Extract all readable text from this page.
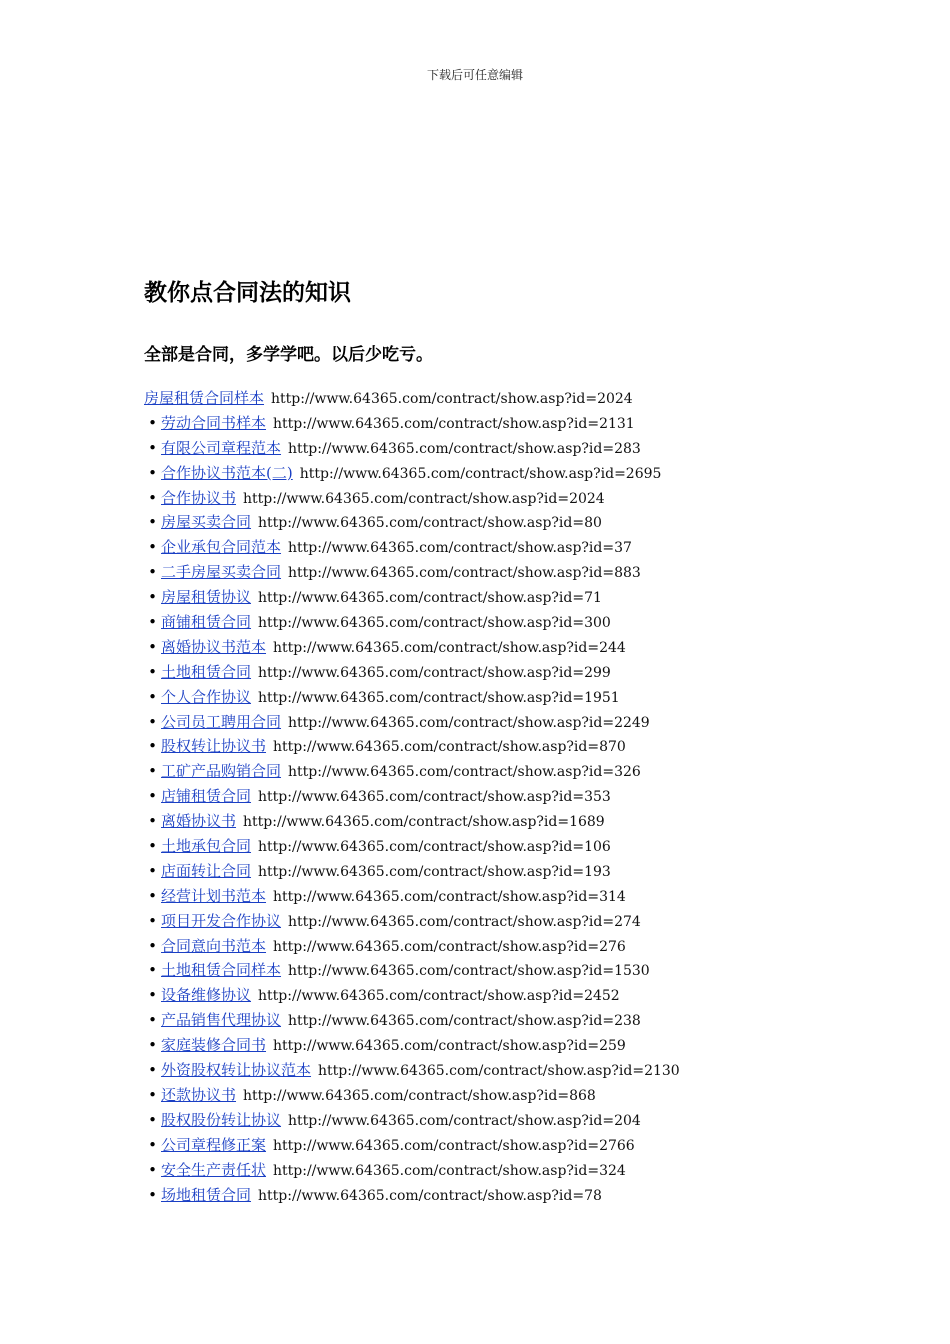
下载后可任意编辑
教你点合同法的知识
全部是合同，多学学吧。以后少吃亏。
房屋租赁合同样本 http://www.64365.com/contract/show.asp?id=2024
• 劳动合同书样本 http://www.64365.com/contract/show.asp?id=2131
• 有限公司章程范本 http://www.64365.com/contract/show.asp?id=283
• 合作协议书范本(二) http://www.64365.com/contract/show.asp?id=2695
• 合作协议书 http://www.64365.com/contract/show.asp?id=2024
• 房屋买卖合同 http://www.64365.com/contract/show.asp?id=80
• 企业承包合同范本 http://www.64365.com/contract/show.asp?id=37
• 二手房屋买卖合同 http://www.64365.com/contract/show.asp?id=883
• 房屋租赁协议 http://www.64365.com/contract/show.asp?id=71
• 商铺租赁合同 http://www.64365.com/contract/show.asp?id=300
• 离婚协议书范本 http://www.64365.com/contract/show.asp?id=244
• 土地租赁合同 http://www.64365.com/contract/show.asp?id=299
• 个人合作协议 http://www.64365.com/contract/show.asp?id=1951
• 公司员工聘用合同 http://www.64365.com/contract/show.asp?id=2249
• 股权转让协议书 http://www.64365.com/contract/show.asp?id=870
• 工矿产品购销合同 http://www.64365.com/contract/show.asp?id=326
• 店铺租赁合同 http://www.64365.com/contract/show.asp?id=353
• 离婚协议书 http://www.64365.com/contract/show.asp?id=1689
• 土地承包合同 http://www.64365.com/contract/show.asp?id=106
• 店面转让合同 http://www.64365.com/contract/show.asp?id=193
• 经营计划书范本 http://www.64365.com/contract/show.asp?id=314
• 项目开发合作协议 http://www.64365.com/contract/show.asp?id=274
• 合同意向书范本 http://www.64365.com/contract/show.asp?id=276
• 土地租赁合同样本 http://www.64365.com/contract/show.asp?id=1530
• 设备维修协议 http://www.64365.com/contract/show.asp?id=2452
• 产品销售代理协议 http://www.64365.com/contract/show.asp?id=238
• 家庭装修合同书 http://www.64365.com/contract/show.asp?id=259
• 外资股权转让协议范本 http://www.64365.com/contract/show.asp?id=2130
• 还款协议书 http://www.64365.com/contract/show.asp?id=868
• 股权股份转让协议 http://www.64365.com/contract/show.asp?id=204
• 公司章程修正案 http://www.64365.com/contract/show.asp?id=2766
• 安全生产责任状 http://www.64365.com/contract/show.asp?id=324
• 场地租赁合同 http://www.64365.com/contract/show.asp?id=78
